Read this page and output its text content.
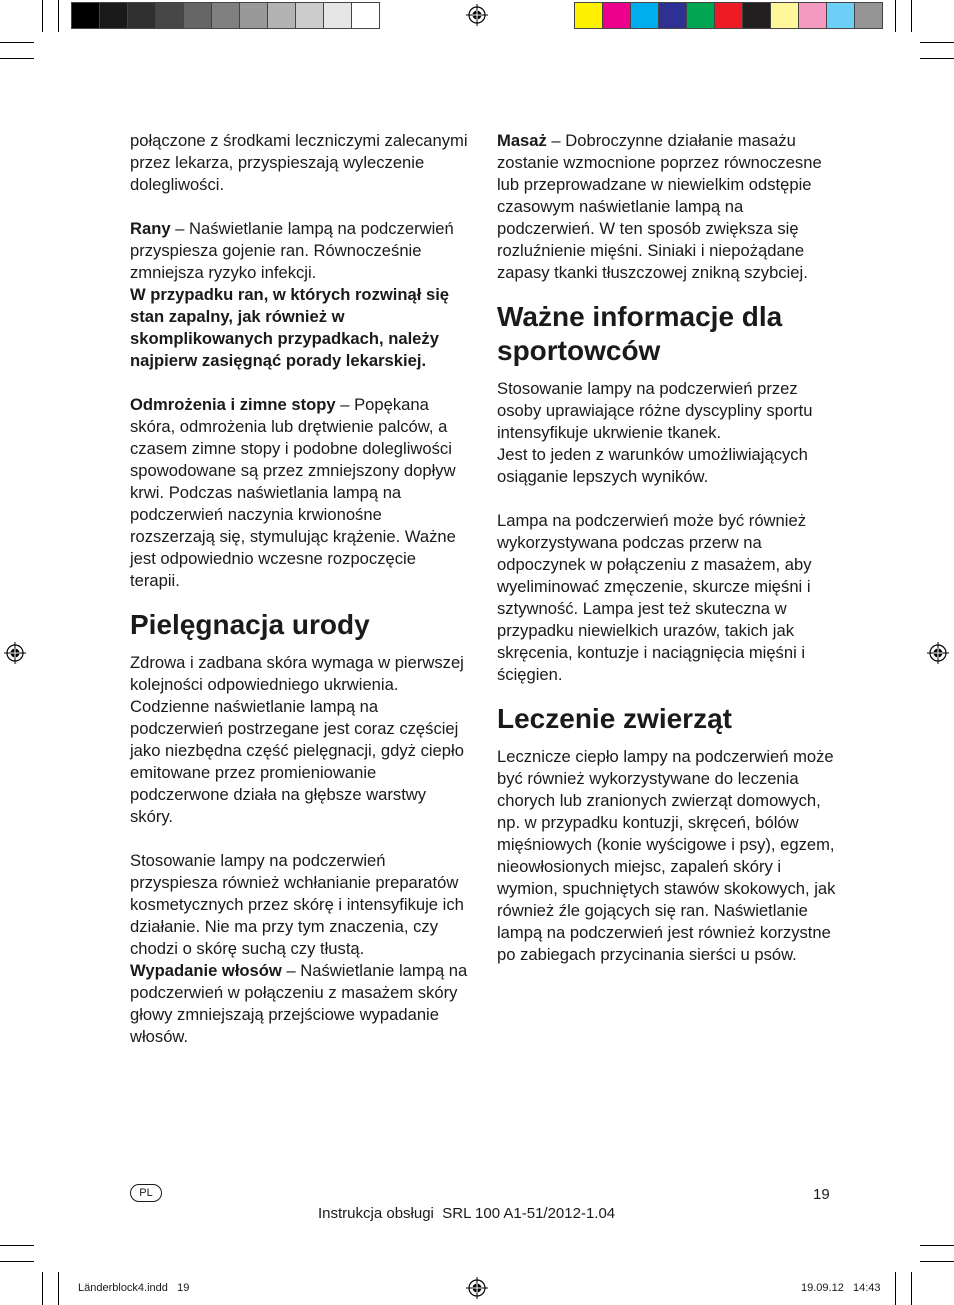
połączone z środkami leczniczymi zalecanymi przez lekarza, przyspieszają wyleczenie dolegliwości.

Rany – Naświetlanie lampą na podczerwień przyspiesza gojenie ran. Równocześnie zmniejsza ryzyko infekcji.

W przypadku ran, w których rozwinął się stan zapalny, jak również w skomplikowanych przypadkach, należy najpierw zasięgnąć porady lekarskiej.

Odmrożenia i zimne stopy – Popękana skóra, odmrożenia lub drętwienie palców, a czasem zimne stopy i podobne dolegliwości spowodowane są przez zmniejszony dopływ krwi. Podczas naświetlania lampą na podczerwień naczynia krwionośne rozszerzają się, stymulując krążenie. Ważne jest odpowiednio wczesne rozpoczęcie terapii.

Pielęgnacja urody

Zdrowa i zadbana skóra wymaga w pierwszej kolejności odpowiedniego ukrwienia. Codzienne naświetlanie lampą na podczerwień postrzegane jest coraz częściej jako niezbędna część pielęgnacji, gdyż ciepło emitowane przez promieniowanie podczerwone działa na głębsze warstwy skóry.

Stosowanie lampy na podczerwień przyspiesza również wchłanianie preparatów kosmetycznych przez skórę i intensyfikuje ich działanie. Nie ma przy tym znaczenia, czy chodzi o skórę suchą czy tłustą.

Wypadanie włosów – Naświetlanie lampą na podczerwień w połączeniu z masażem skóry głowy zmniejszają przejściowe wypadanie włosów.

Masaż – Dobroczynne działanie masażu zostanie wzmocnione poprzez równoczesne lub przeprowadzane w niewielkim odstępie czasowym naświetlanie lampą na podczerwień. W ten sposób zwiększa się rozluźnienie mięśni. Siniaki i niepożądane zapasy tkanki tłuszczowej znikną szybciej.

Ważne informacje dla sportowców

Stosowanie lampy na podczerwień przez osoby uprawiające różne dyscypliny sportu intensyfikuje ukrwienie tkanek.

Jest to jeden z warunków umożliwiających osiąganie lepszych wyników.

Lampa na podczerwień może być również wykorzystywana podczas przerw na odpoczynek w połączeniu z masażem, aby wyeliminować zmęczenie, skurcze mięśni i sztywność. Lampa jest też skuteczna w przypadku niewielkich urazów, takich jak skręcenia, kontuzje i naciągnięcia mięśni i ścięgien.

Leczenie zwierząt

Lecznicze ciepło lampy na podczerwień może być również wykorzystywane do leczenia chorych lub zranionych zwierząt domowych, np. w przypadku kontuzji, skręceń, bólów mięśniowych (konie wyścigowe i psy), egzem, nieowłosionych miejsc, zapaleń skóry i wymion, spuchniętych stawów skokowych, jak również źle gojących się ran. Naświetlanie lampą na podczerwień jest również korzystne po zabiegach przycinania sierści u psów.

PL	19
Instrukcja obsługi  SRL 100 A1-51/2012-1.04
Länderblock4.indd   19	19.09.12   14:43
